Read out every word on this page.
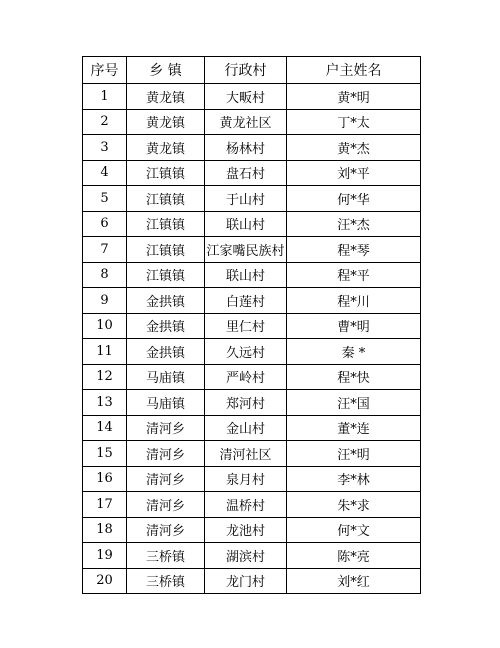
序号	乡 镇	行政村	户主姓名
1	黄龙镇	大畈村	黄*明
2	黄龙镇	黄龙社区	丁*太
3	黄龙镇	杨林村	黄*杰
4	江镇镇	盘石村	刘*平
5	江镇镇	于山村	何*华
6	江镇镇	联山村	汪*杰
7	江镇镇	江家嘴民族村	程*琴
8	江镇镇	联山村	程*平
9	金拱镇	白莲村	程*川
10	金拱镇	里仁村	曹*明
11	金拱镇	久远村	秦 *
12	马庙镇	严岭村	程*快
13	马庙镇	郑河村	汪*国
14	清河乡	金山村	董*连
15	清河乡	清河社区	汪*明
16	清河乡	泉月村	李*林
17	清河乡	温桥村	朱*求
18	清河乡	龙池村	何*文
19	三桥镇	湖滨村	陈*亮
20	三桥镇	龙门村	刘*红
